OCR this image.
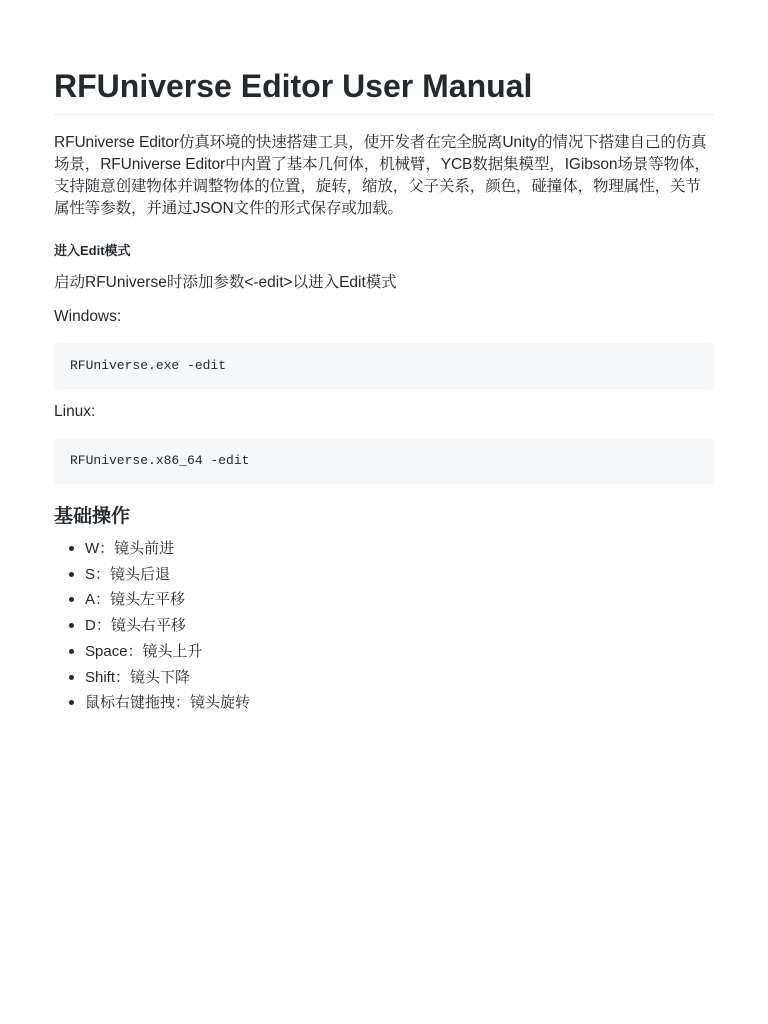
RFUniverse Editor User Manual

RFUniverse Editor仿真环境的快速搭建工具，使开发者在完全脱离Unity的情况下搭建自己的仿真场景，RFUniverse Editor中内置了基本几何体，机械臂，YCB数据集模型，IGibson场景等物体，支持随意创建物体并调整物体的位置，旋转，缩放，父子关系，颜色，碰撞体，物理属性，关节属性等参数，并通过JSON文件的形式保存或加载。

进入Edit模式

启动RFUniverse时添加参数<-edit>以进入Edit模式

Windows:

RFUniverse.exe -edit

Linux:

RFUniverse.x86_64 -edit
基础操作
W：镜头前进
S：镜头后退
A：镜头左平移
D：镜头右平移
Space：镜头上升
Shift：镜头下降
鼠标右键拖拽：镜头旋转
